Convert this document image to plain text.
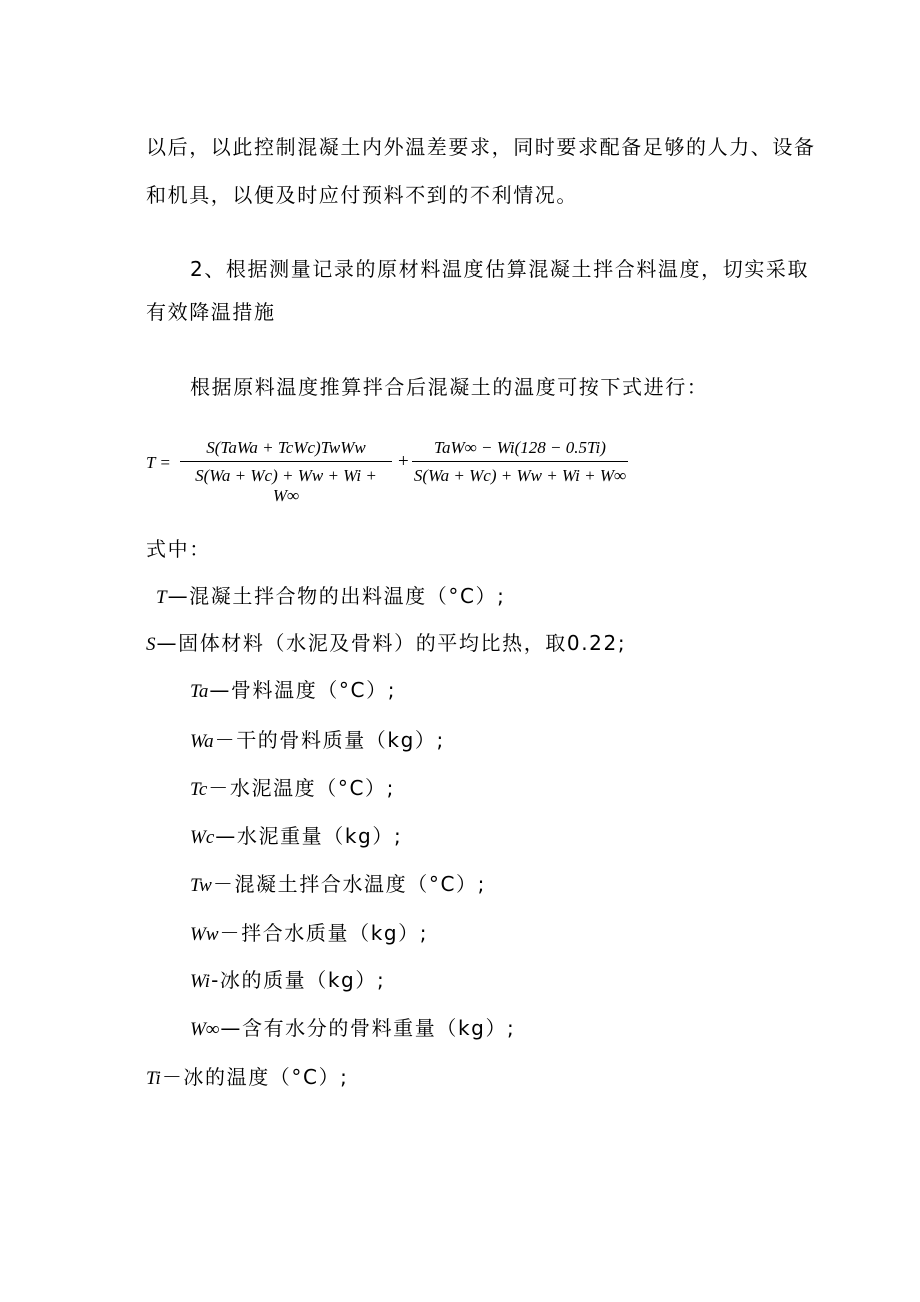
以后，以此控制混凝土内外温差要求，同时要求配备足够的人力、设备
和机具，以便及时应付预料不到的不利情况。
2、根据测量记录的原材料温度估算混凝土拌合料温度，切实采取
有效降温措施
根据原料温度推算拌合后混凝土的温度可按下式进行：
T =
S(TaWa + TcWc)TwWw
S(Wa + Wc) + Ww + Wi + W∞
+
TaW∞ − Wi(128 − 0.5Ti)
S(Wa + Wc) + Ww + Wi + W∞
式中：
T—混凝土拌合物的出料温度（°C）;
S—固体材料（水泥及骨料）的平均比热，取0.22;
Ta—骨料温度（°C）;
Wa－干的骨料质量（kg）;
Tc－水泥温度（°C）;
Wc—水泥重量（kg）;
Tw－混凝土拌合水温度（°C）;
Ww－拌合水质量（kg）;
Wi-冰的质量（kg）;
W∞—含有水分的骨料重量（kg）;
Ti－冰的温度（°C）;
